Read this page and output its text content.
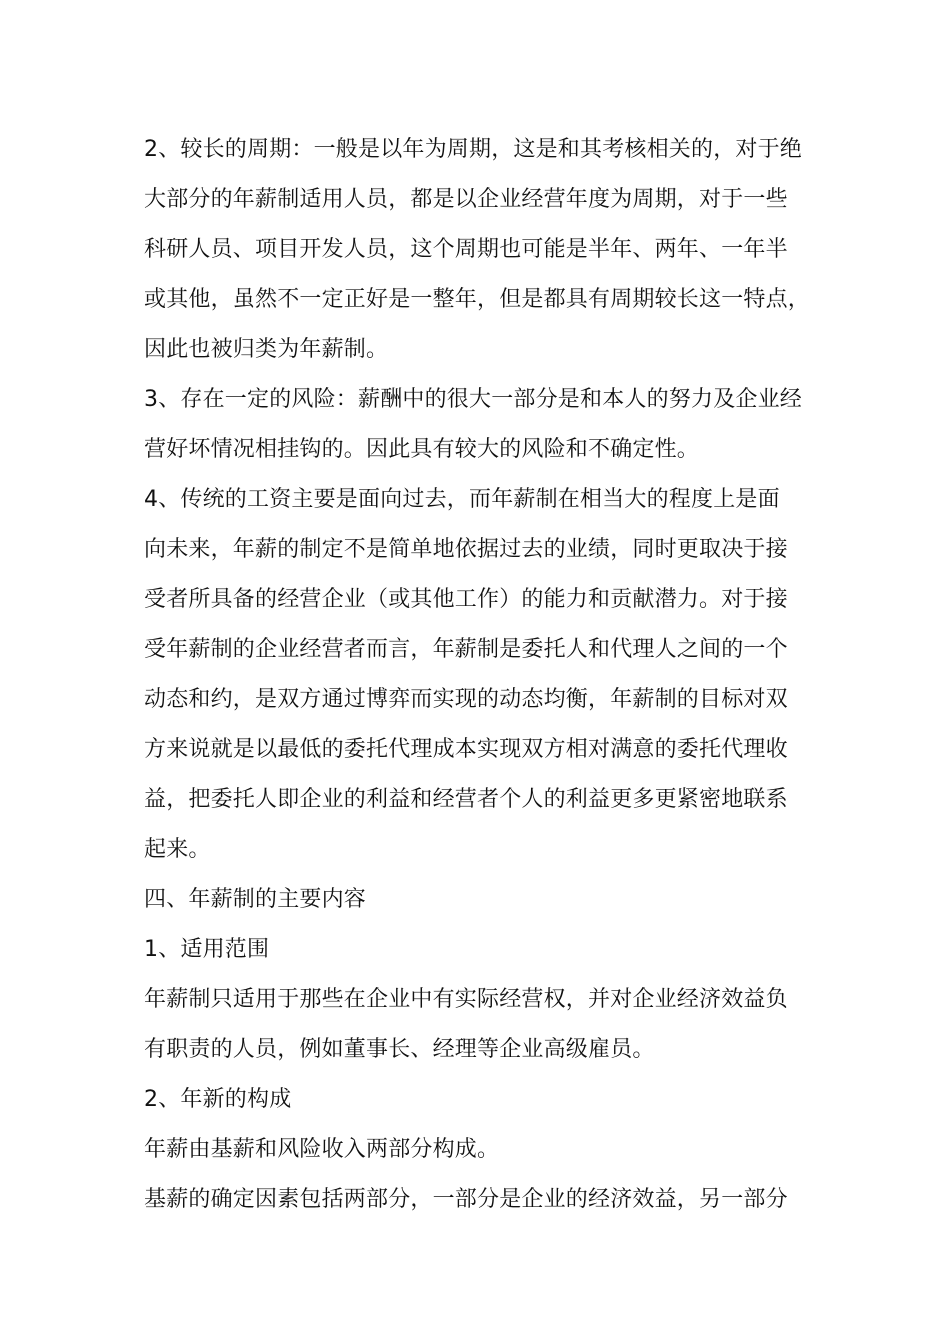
2、较长的周期：一般是以年为周期，这是和其考核相关的，对于绝
大部分的年薪制适用人员，都是以企业经营年度为周期，对于一些
科研人员、项目开发人员，这个周期也可能是半年、两年、一年半
或其他，虽然不一定正好是一整年，但是都具有周期较长这一特点，
因此也被归类为年薪制。
3、存在一定的风险：薪酬中的很大一部分是和本人的努力及企业经
营好坏情况相挂钩的。因此具有较大的风险和不确定性。
4、传统的工资主要是面向过去，而年薪制在相当大的程度上是面
向未来，年薪的制定不是简单地依据过去的业绩，同时更取决于接
受者所具备的经营企业（或其他工作）的能力和贡献潜力。对于接
受年薪制的企业经营者而言，年薪制是委托人和代理人之间的一个
动态和约，是双方通过博弈而实现的动态均衡，年薪制的目标对双
方来说就是以最低的委托代理成本实现双方相对满意的委托代理收
益，把委托人即企业的利益和经营者个人的利益更多更紧密地联系
起来。
四、年薪制的主要内容
1、适用范围
年薪制只适用于那些在企业中有实际经营权，并对企业经济效益负
有职责的人员，例如董事长、经理等企业高级雇员。
2、年新的构成
年薪由基薪和风险收入两部分构成。
基薪的确定因素包括两部分，一部分是企业的经济效益，另一部分
